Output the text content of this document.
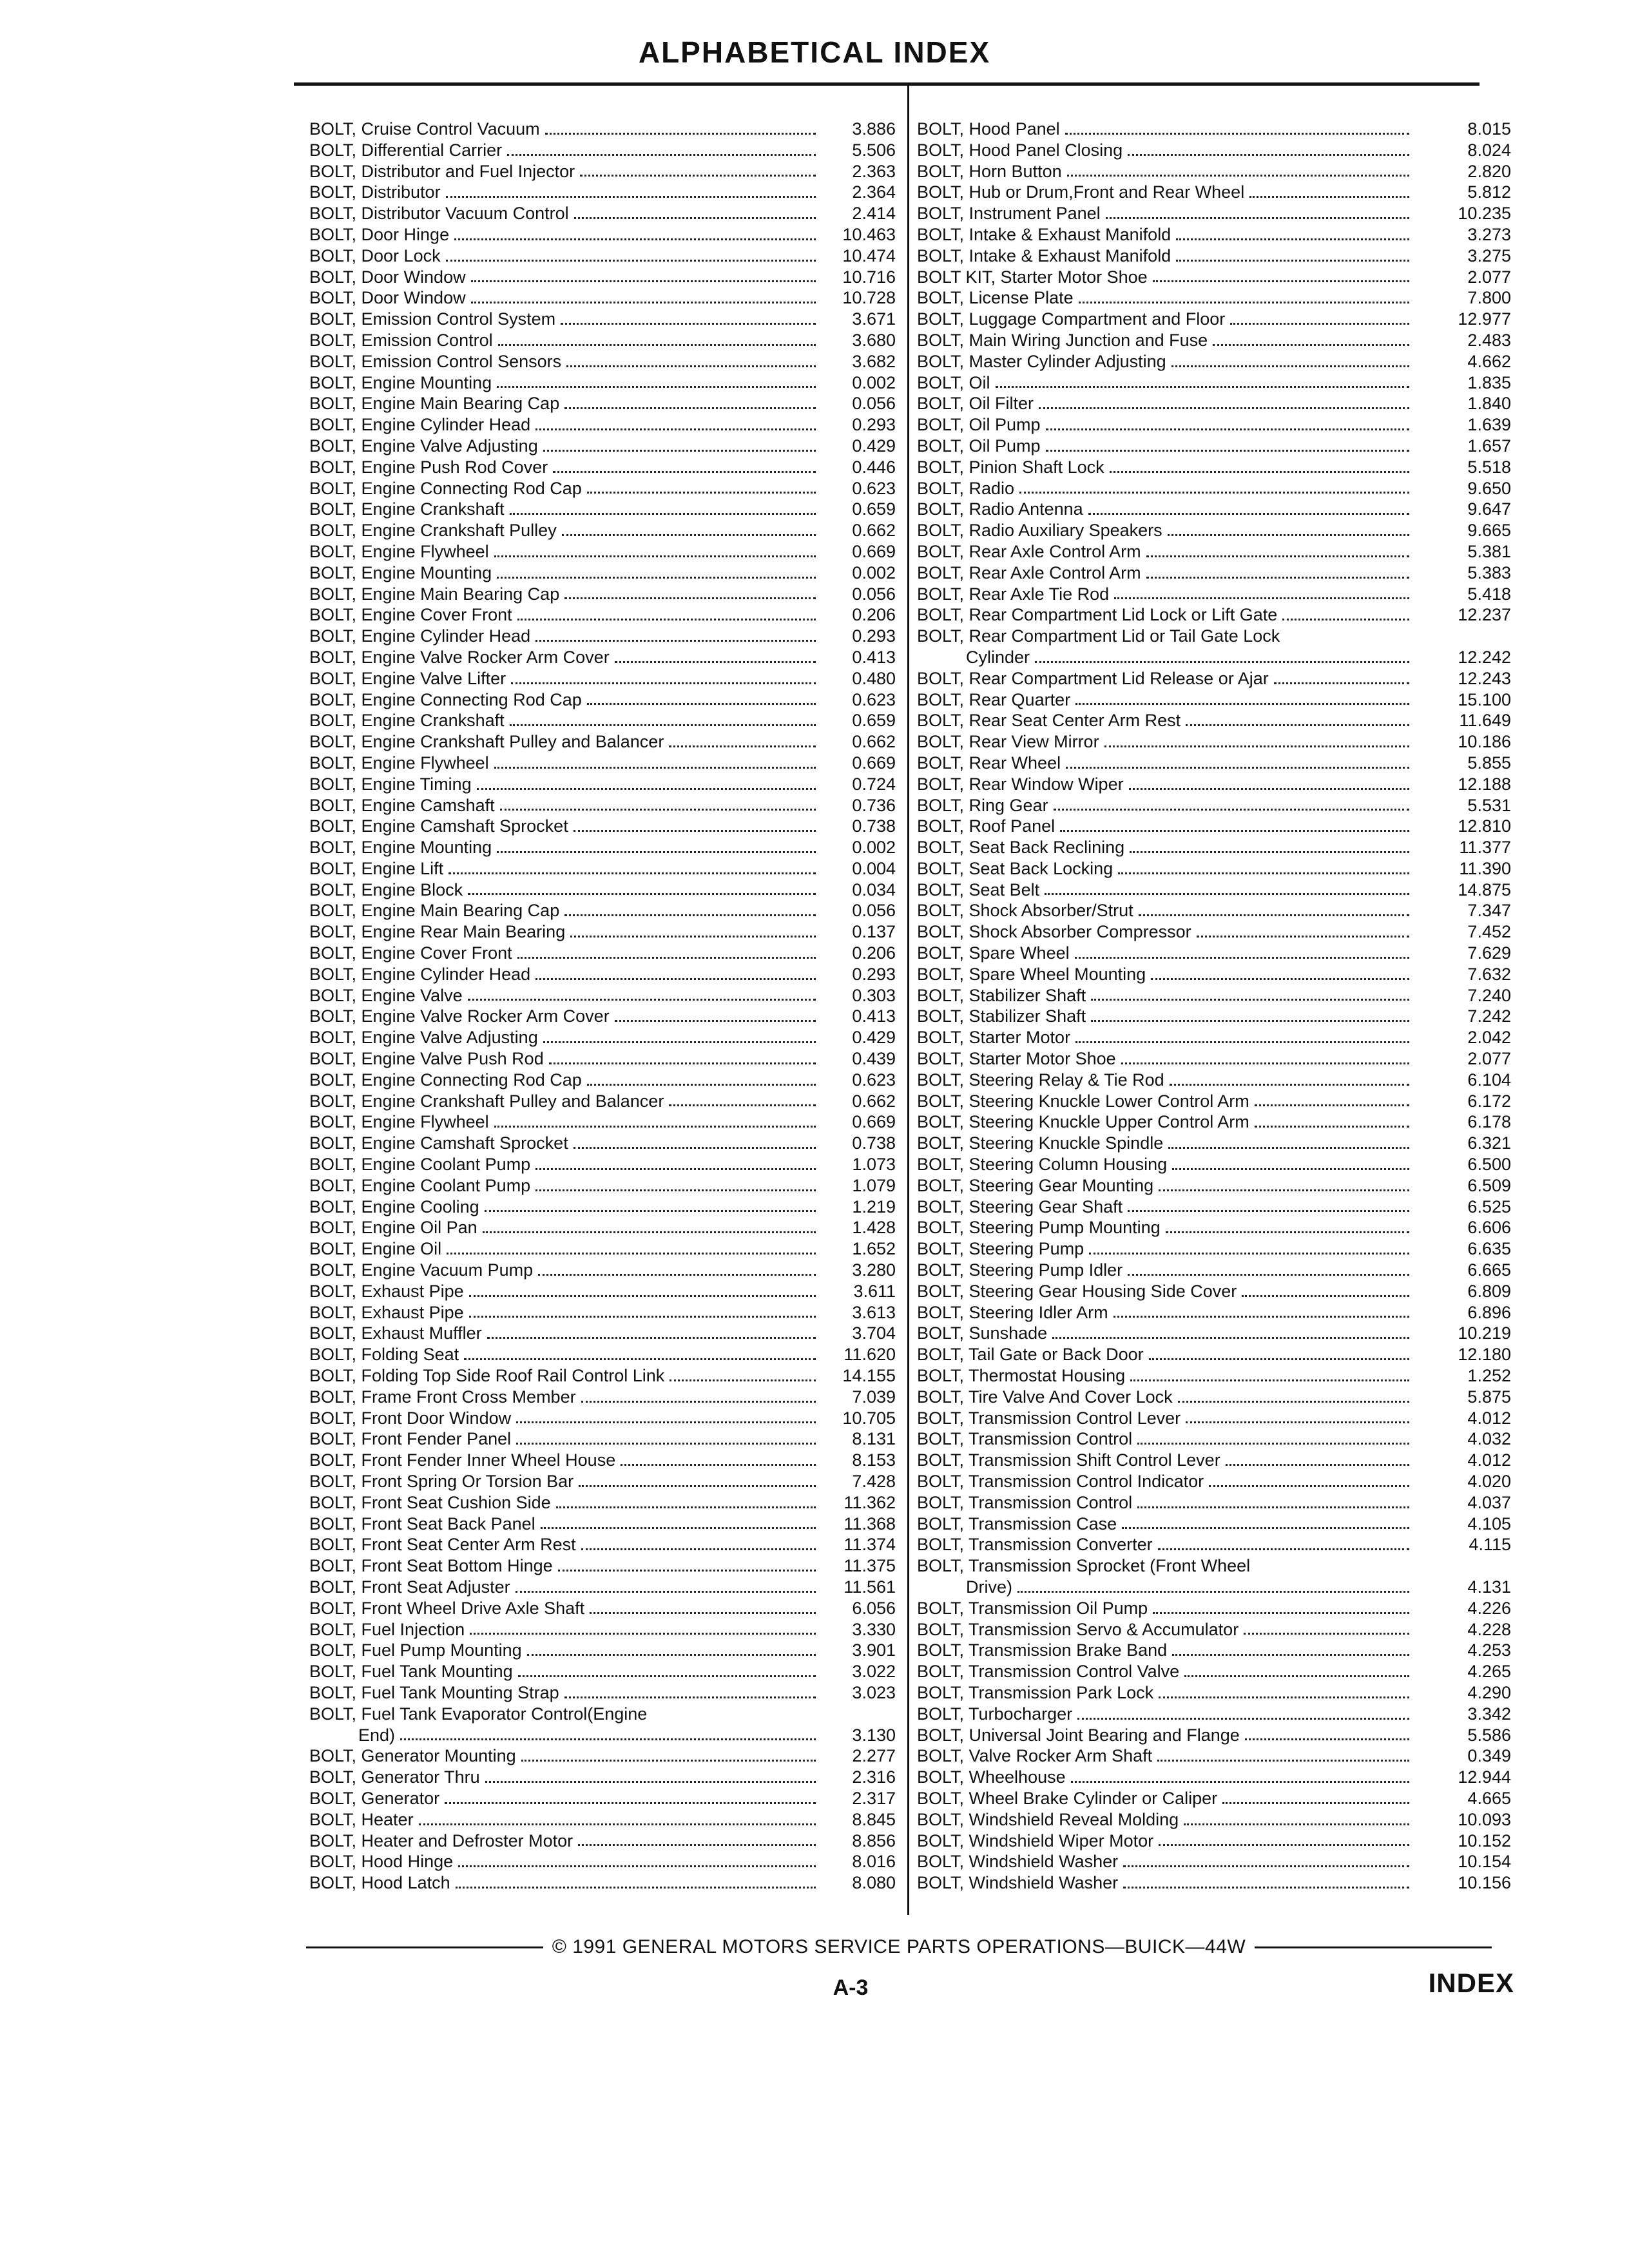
ALPHABETICAL INDEX
BOLT, Cruise Control Vacuum	3.886
BOLT, Differential Carrier	5.506
BOLT, Distributor and Fuel Injector	2.363
BOLT, Distributor	2.364
BOLT, Distributor Vacuum Control	2.414
BOLT, Door Hinge	10.463
BOLT, Door Lock	10.474
BOLT, Door Window	10.716
BOLT, Door Window	10.728
BOLT, Emission Control System	3.671
BOLT, Emission Control	3.680
BOLT, Emission Control Sensors	3.682
BOLT, Engine Mounting	0.002
BOLT, Engine Main Bearing Cap	0.056
BOLT, Engine Cylinder Head	0.293
BOLT, Engine Valve Adjusting	0.429
BOLT, Engine Push Rod Cover	0.446
BOLT, Engine Connecting Rod Cap	0.623
BOLT, Engine Crankshaft	0.659
BOLT, Engine Crankshaft Pulley	0.662
BOLT, Engine Flywheel	0.669
BOLT, Engine Mounting	0.002
BOLT, Engine Main Bearing Cap	0.056
BOLT, Engine Cover Front	0.206
BOLT, Engine Cylinder Head	0.293
BOLT, Engine Valve Rocker Arm Cover	0.413
BOLT, Engine Valve Lifter	0.480
BOLT, Engine Connecting Rod Cap	0.623
BOLT, Engine Crankshaft	0.659
BOLT, Engine Crankshaft Pulley and Balancer	0.662
BOLT, Engine Flywheel	0.669
BOLT, Engine Timing	0.724
BOLT, Engine Camshaft	0.736
BOLT, Engine Camshaft Sprocket	0.738
BOLT, Engine Mounting	0.002
BOLT, Engine Lift	0.004
BOLT, Engine Block	0.034
BOLT, Engine Main Bearing Cap	0.056
BOLT, Engine Rear Main Bearing	0.137
BOLT, Engine Cover Front	0.206
BOLT, Engine Cylinder Head	0.293
BOLT, Engine Valve	0.303
BOLT, Engine Valve Rocker Arm Cover	0.413
BOLT, Engine Valve Adjusting	0.429
BOLT, Engine Valve Push Rod	0.439
BOLT, Engine Connecting Rod Cap	0.623
BOLT, Engine Crankshaft Pulley and Balancer	0.662
BOLT, Engine Flywheel	0.669
BOLT, Engine Camshaft Sprocket	0.738
BOLT, Engine Coolant Pump	1.073
BOLT, Engine Coolant Pump	1.079
BOLT, Engine Cooling	1.219
BOLT, Engine Oil Pan	1.428
BOLT, Engine Oil	1.652
BOLT, Engine Vacuum Pump	3.280
BOLT, Exhaust Pipe	3.611
BOLT, Exhaust Pipe	3.613
BOLT, Exhaust Muffler	3.704
BOLT, Folding Seat	11.620
BOLT, Folding Top Side Roof Rail Control Link	14.155
BOLT, Frame Front Cross Member	7.039
BOLT, Front Door Window	10.705
BOLT, Front Fender Panel	8.131
BOLT, Front Fender Inner Wheel House	8.153
BOLT, Front Spring Or Torsion Bar	7.428
BOLT, Front Seat Cushion Side	11.362
BOLT, Front Seat Back Panel	11.368
BOLT, Front Seat Center Arm Rest	11.374
BOLT, Front Seat Bottom Hinge	11.375
BOLT, Front Seat Adjuster	11.561
BOLT, Front Wheel Drive Axle Shaft	6.056
BOLT, Fuel Injection	3.330
BOLT, Fuel Pump Mounting	3.901
BOLT, Fuel Tank Mounting	3.022
BOLT, Fuel Tank Mounting Strap	3.023
BOLT, Fuel Tank Evaporator Control(Engine
End)	3.130
BOLT, Generator Mounting	2.277
BOLT, Generator Thru	2.316
BOLT, Generator	2.317
BOLT, Heater	8.845
BOLT, Heater and Defroster Motor	8.856
BOLT, Hood Hinge	8.016
BOLT, Hood Latch	8.080
BOLT, Hood Panel	8.015
BOLT, Hood Panel Closing	8.024
BOLT, Horn Button	2.820
BOLT, Hub or Drum,Front and Rear Wheel	5.812
BOLT, Instrument Panel	10.235
BOLT, Intake & Exhaust Manifold	3.273
BOLT, Intake & Exhaust Manifold	3.275
BOLT KIT, Starter Motor Shoe	2.077
BOLT, License Plate	7.800
BOLT, Luggage Compartment and Floor	12.977
BOLT, Main Wiring Junction and Fuse	2.483
BOLT, Master Cylinder Adjusting	4.662
BOLT, Oil	1.835
BOLT, Oil Filter	1.840
BOLT, Oil Pump	1.639
BOLT, Oil Pump	1.657
BOLT, Pinion Shaft Lock	5.518
BOLT, Radio	9.650
BOLT, Radio Antenna	9.647
BOLT, Radio Auxiliary Speakers	9.665
BOLT, Rear Axle Control Arm	5.381
BOLT, Rear Axle Control Arm	5.383
BOLT, Rear Axle Tie Rod	5.418
BOLT, Rear Compartment Lid Lock or Lift Gate	12.237
BOLT, Rear Compartment Lid or Tail Gate Lock
Cylinder	12.242
BOLT, Rear Compartment Lid Release or Ajar	12.243
BOLT, Rear Quarter	15.100
BOLT, Rear Seat Center Arm Rest	11.649
BOLT, Rear View Mirror	10.186
BOLT, Rear Wheel	5.855
BOLT, Rear Window Wiper	12.188
BOLT, Ring Gear	5.531
BOLT, Roof Panel	12.810
BOLT, Seat Back Reclining	11.377
BOLT, Seat Back Locking	11.390
BOLT, Seat Belt	14.875
BOLT, Shock Absorber/Strut	7.347
BOLT, Shock Absorber Compressor	7.452
BOLT, Spare Wheel	7.629
BOLT, Spare Wheel Mounting	7.632
BOLT, Stabilizer Shaft	7.240
BOLT, Stabilizer Shaft	7.242
BOLT, Starter Motor	2.042
BOLT, Starter Motor Shoe	2.077
BOLT, Steering Relay & Tie Rod	6.104
BOLT, Steering Knuckle Lower Control Arm	6.172
BOLT, Steering Knuckle Upper Control Arm	6.178
BOLT, Steering Knuckle Spindle	6.321
BOLT, Steering Column Housing	6.500
BOLT, Steering Gear Mounting	6.509
BOLT, Steering Gear Shaft	6.525
BOLT, Steering Pump Mounting	6.606
BOLT, Steering Pump	6.635
BOLT, Steering Pump Idler	6.665
BOLT, Steering Gear Housing Side Cover	6.809
BOLT, Steering Idler Arm	6.896
BOLT, Sunshade	10.219
BOLT, Tail Gate or Back Door	12.180
BOLT, Thermostat Housing	1.252
BOLT, Tire Valve And Cover Lock	5.875
BOLT, Transmission Control Lever	4.012
BOLT, Transmission Control	4.032
BOLT, Transmission Shift Control Lever	4.012
BOLT, Transmission Control Indicator	4.020
BOLT, Transmission Control	4.037
BOLT, Transmission Case	4.105
BOLT, Transmission Converter	4.115
BOLT, Transmission Sprocket (Front Wheel
Drive)	4.131
BOLT, Transmission Oil Pump	4.226
BOLT, Transmission Servo & Accumulator	4.228
BOLT, Transmission Brake Band	4.253
BOLT, Transmission Control Valve	4.265
BOLT, Transmission Park Lock	4.290
BOLT, Turbocharger	3.342
BOLT, Universal Joint Bearing and Flange	5.586
BOLT, Valve Rocker Arm Shaft	0.349
BOLT, Wheelhouse	12.944
BOLT, Wheel Brake Cylinder or Caliper	4.665
BOLT, Windshield Reveal Molding	10.093
BOLT, Windshield Wiper Motor	10.152
BOLT, Windshield Washer	10.154
BOLT, Windshield Washer	10.156
© 1991 GENERAL MOTORS SERVICE PARTS OPERATIONS—BUICK—44W
A-3	INDEX
